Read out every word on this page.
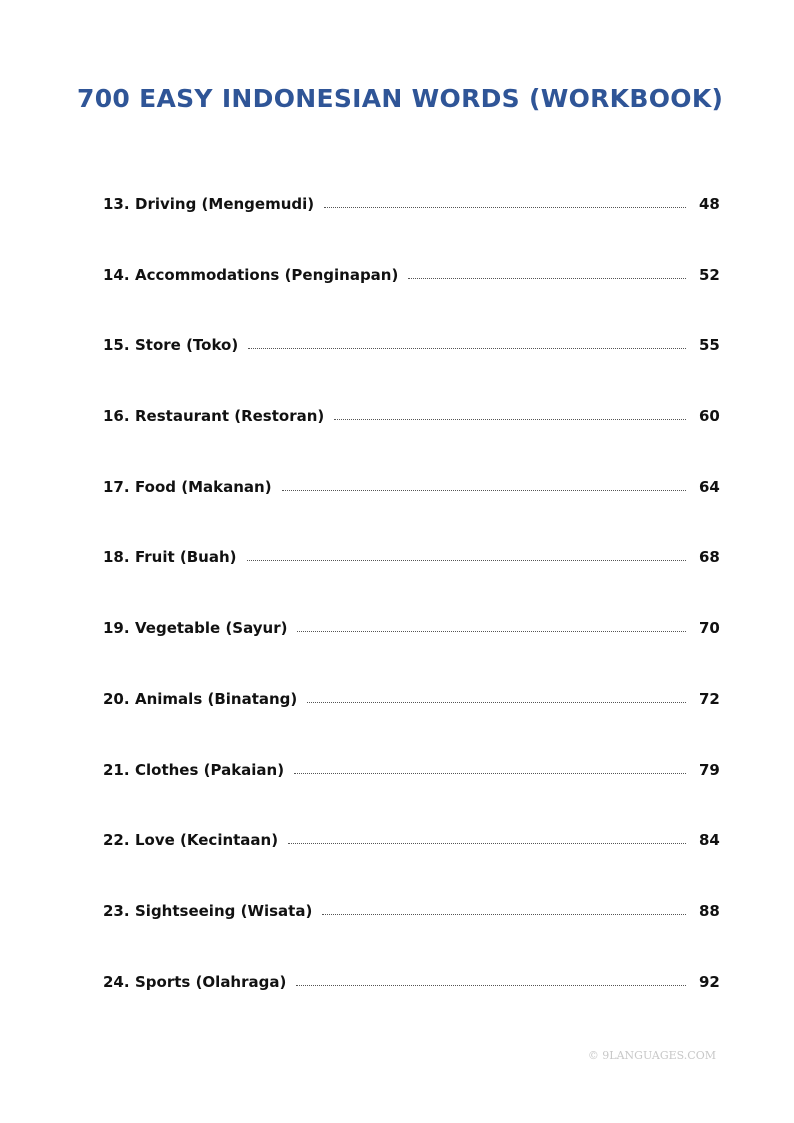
700 EASY INDONESIAN WORDS (WORKBOOK)
13. Driving (Mengemudi)	48
14. Accommodations (Penginapan)	52
15. Store (Toko)	55
16. Restaurant (Restoran)	60
17. Food (Makanan)	64
18. Fruit (Buah)	68
19. Vegetable (Sayur)	70
20. Animals (Binatang)	72
21. Clothes (Pakaian)	79
22. Love (Kecintaan)	84
23. Sightseeing (Wisata)	88
24. Sports (Olahraga)	92
© 9LANGUAGES.COM
